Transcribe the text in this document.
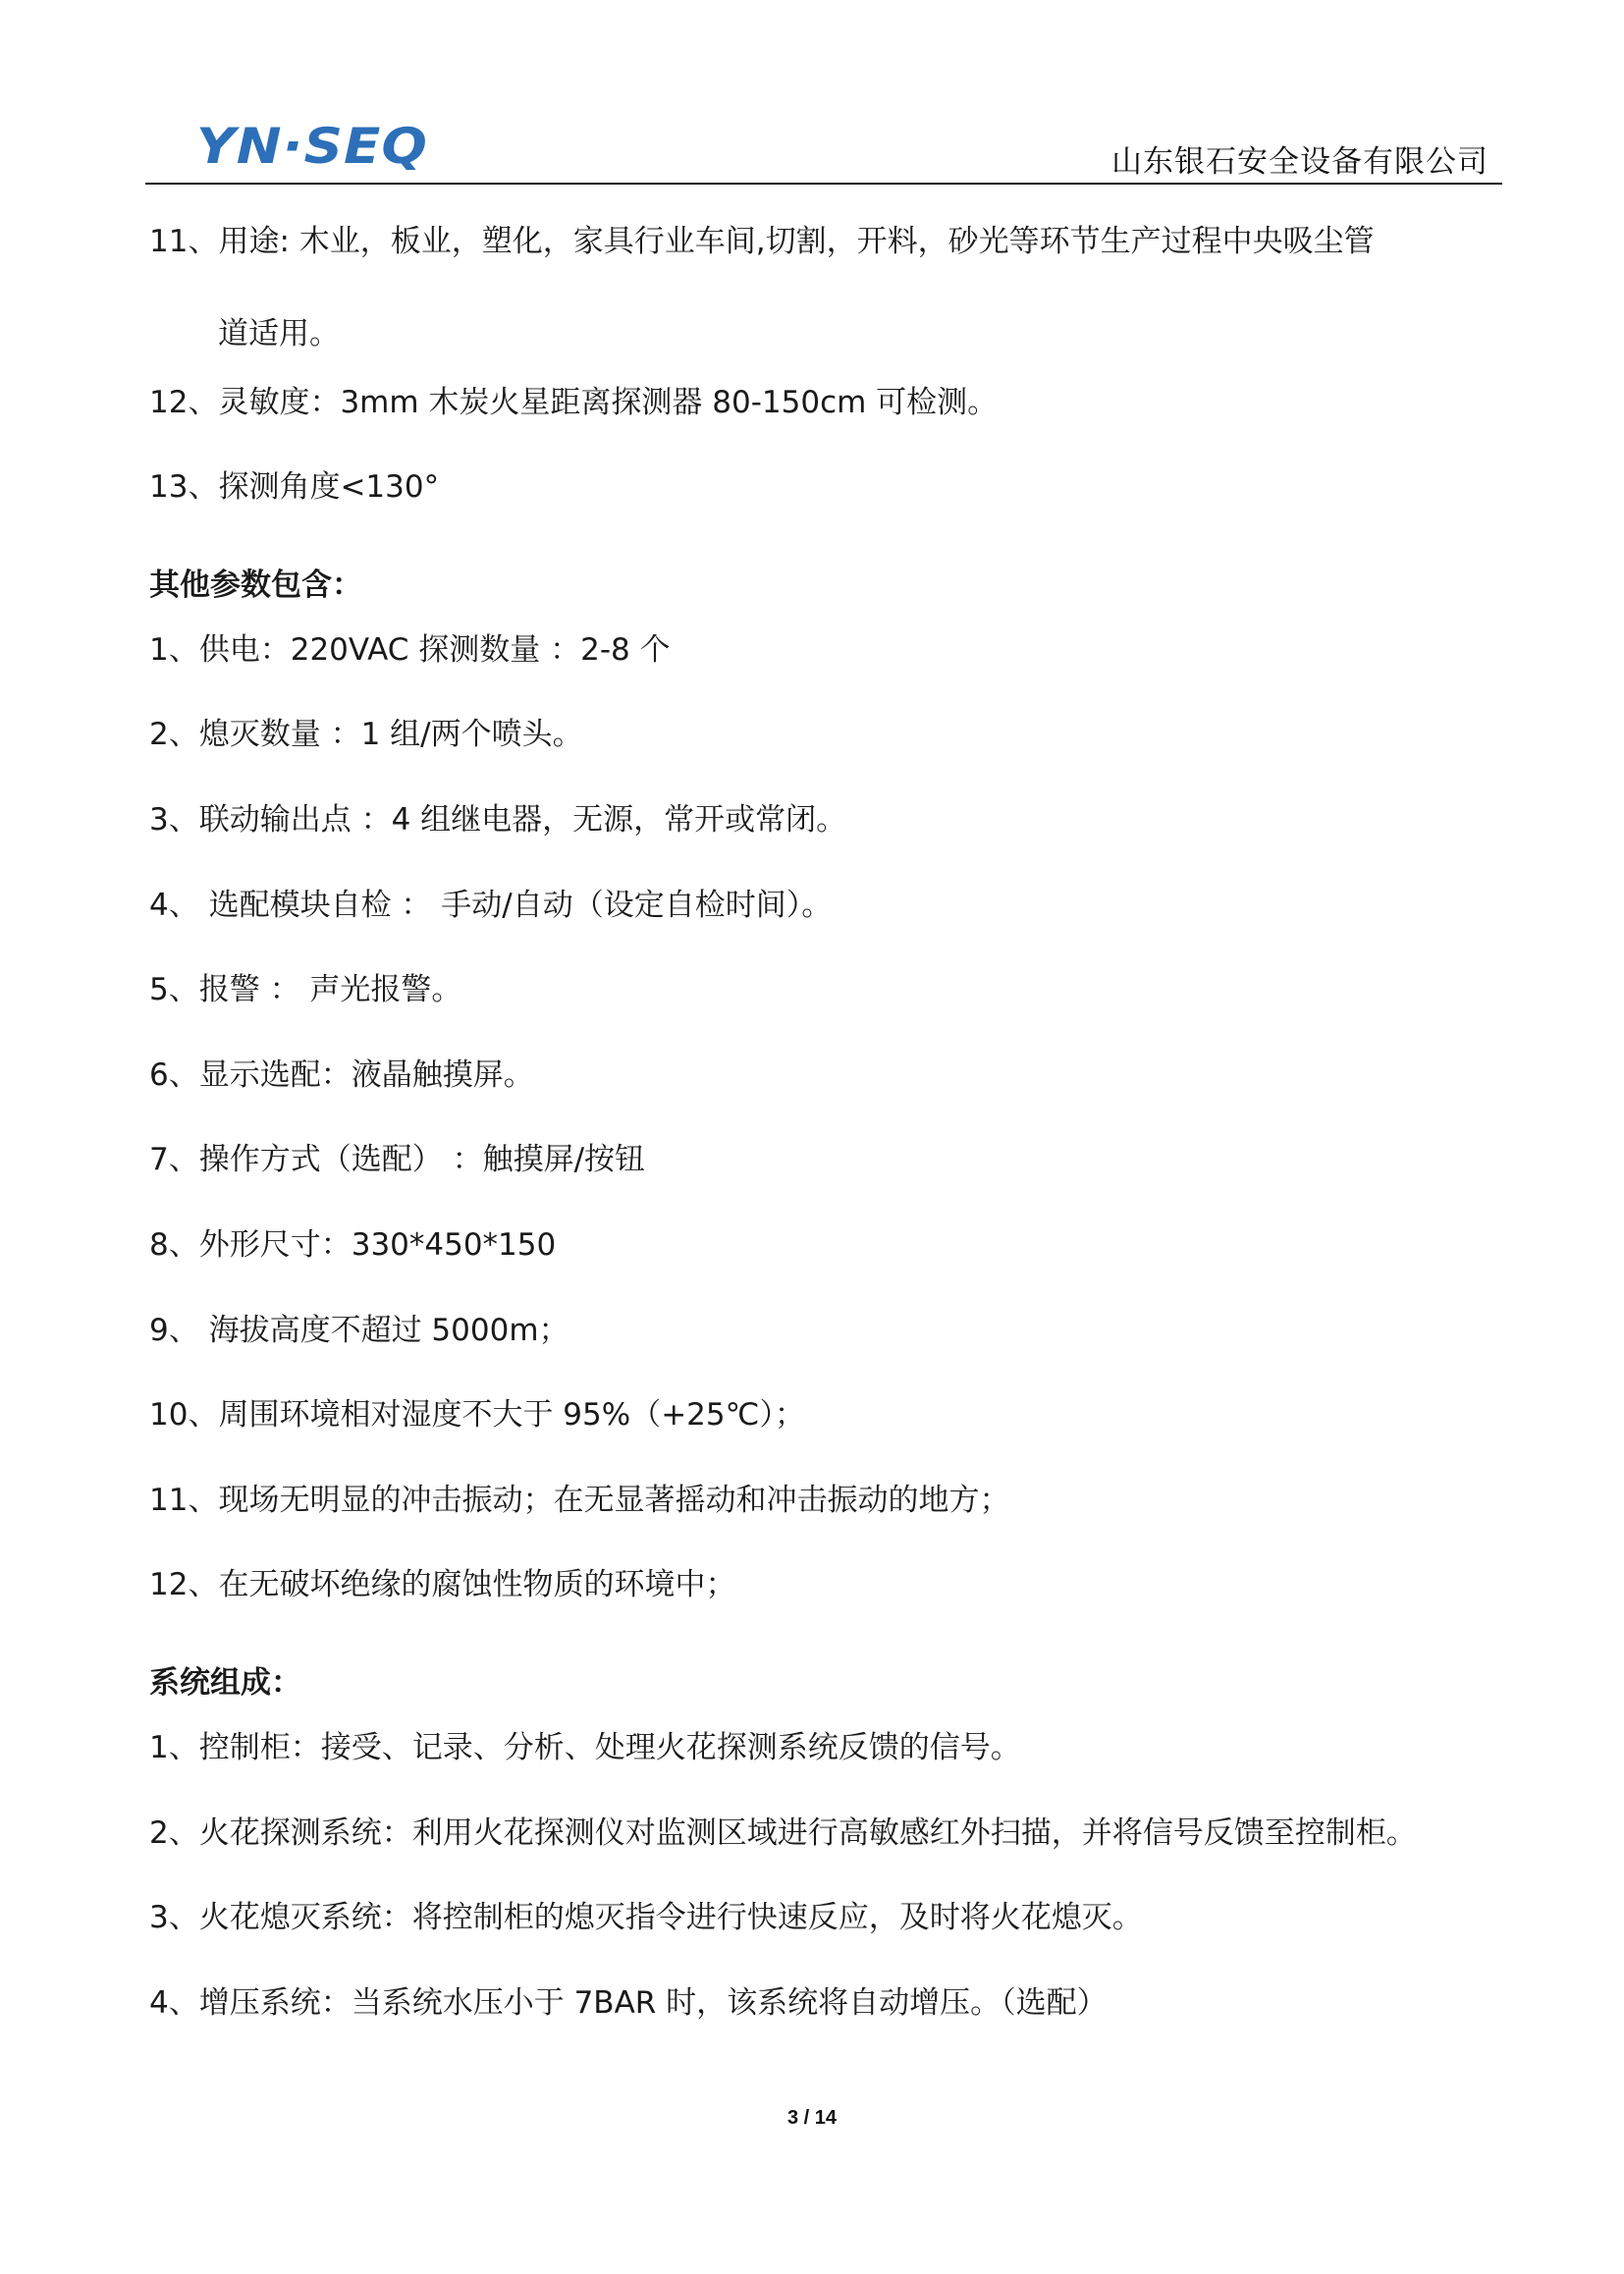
YN·SEQ	山东银石安全设备有限公司
11、用途: 木业，板业，塑化，家具行业车间,切割，开料，砂光等环节生产过程中央吸尘管
道适用。
12、灵敏度：3mm 木炭火星距离探测器 80-150cm 可检测。
13、探测角度<130°
其他参数包含：
1、供电：220VAC 探测数量 ：2-8 个
2、熄灭数量 ：1 组/两个喷头。
3、联动输出点 ：4 组继电器，无源，常开或常闭。
4、 选配模块自检 ： 手动/自动（设定自检时间）。
5、报警 ： 声光报警。
6、显示选配：液晶触摸屏。
7、操作方式（选配） ：触摸屏/按钮
8、外形尺寸：330*450*150
9、 海拔高度不超过 5000m；
10、周围环境相对湿度不大于 95%（+25℃）；
11、现场无明显的冲击振动；在无显著摇动和冲击振动的地方；
12、在无破坏绝缘的腐蚀性物质的环境中；
系统组成：
1、控制柜：接受、记录、分析、处理火花探测系统反馈的信号。
2、火花探测系统：利用火花探测仪对监测区域进行高敏感红外扫描，并将信号反馈至控制柜。
3、火花熄灭系统：将控制柜的熄灭指令进行快速反应，及时将火花熄灭。
4、增压系统：当系统水压小于 7BAR 时，该系统将自动增压。（选配）
3 / 14
